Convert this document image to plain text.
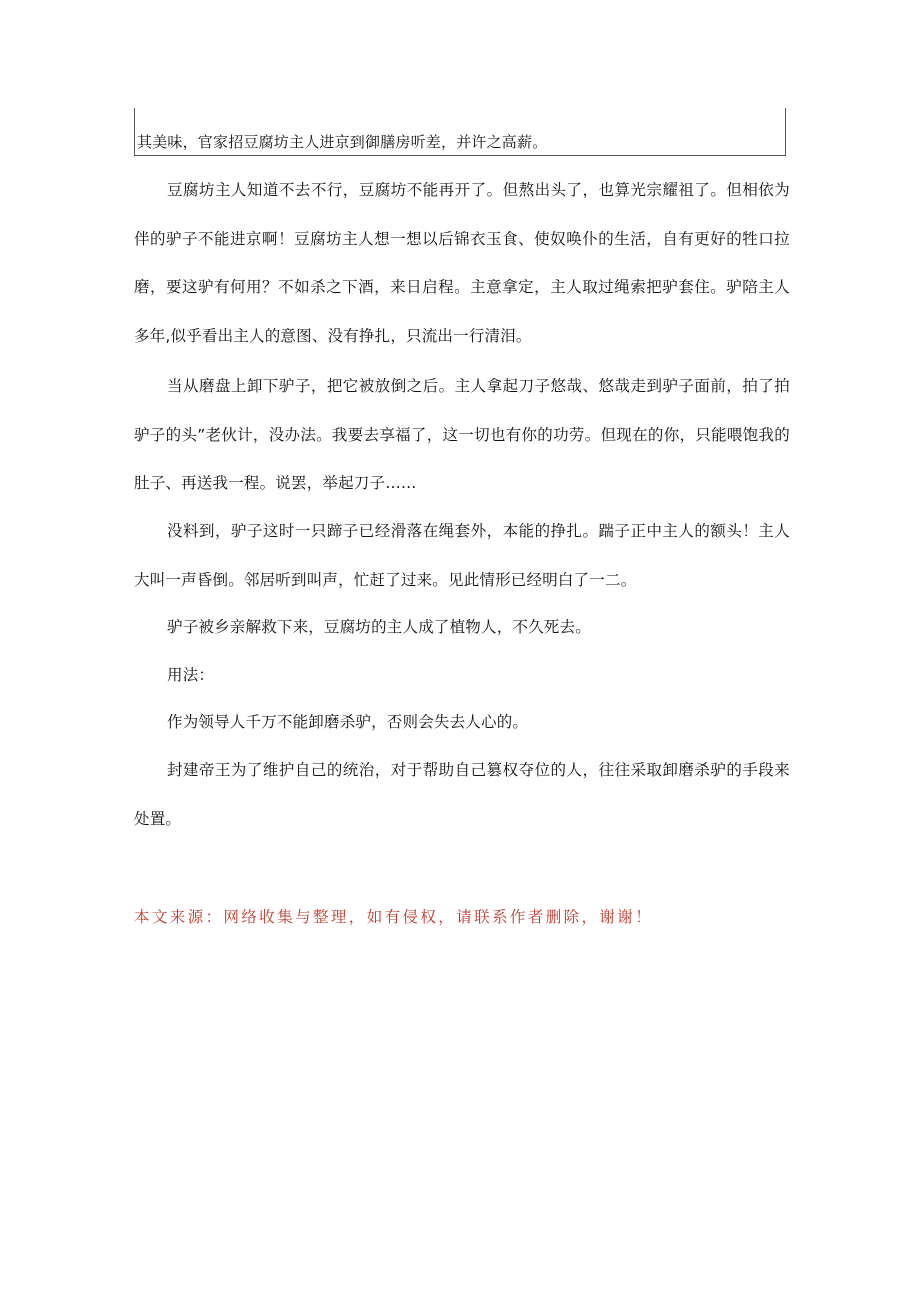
其美味，官家招豆腐坊主人进京到御膳房听差，并许之高薪。

豆腐坊主人知道不去不行，豆腐坊不能再开了。但熬出头了，也算光宗耀祖了。但相依为伴的驴子不能进京啊！豆腐坊主人想一想以后锦衣玉食、使奴唤仆的生活，自有更好的牲口拉磨，要这驴有何用？不如杀之下酒，来日启程。主意拿定，主人取过绳索把驴套住。驴陪主人多年,似乎看出主人的意图、没有挣扎，只流出一行清泪。

当从磨盘上卸下驴子，把它被放倒之后。主人拿起刀子悠哉、悠哉走到驴子面前，拍了拍驴子的头”老伙计，没办法。我要去享福了，这一切也有你的功劳。但现在的你，只能喂饱我的肚子、再送我一程。说罢，举起刀子……

没料到，驴子这时一只蹄子已经滑落在绳套外，本能的挣扎。踹子正中主人的额头！主人大叫一声昏倒。邻居听到叫声，忙赶了过来。见此情形已经明白了一二。

驴子被乡亲解救下来，豆腐坊的主人成了植物人，不久死去。

用法：

作为领导人千万不能卸磨杀驴，否则会失去人心的。

封建帝王为了维护自己的统治，对于帮助自己篡权夺位的人，往往采取卸磨杀驴的手段来处置。

本文来源：网络收集与整理，如有侵权，请联系作者删除，谢谢！
